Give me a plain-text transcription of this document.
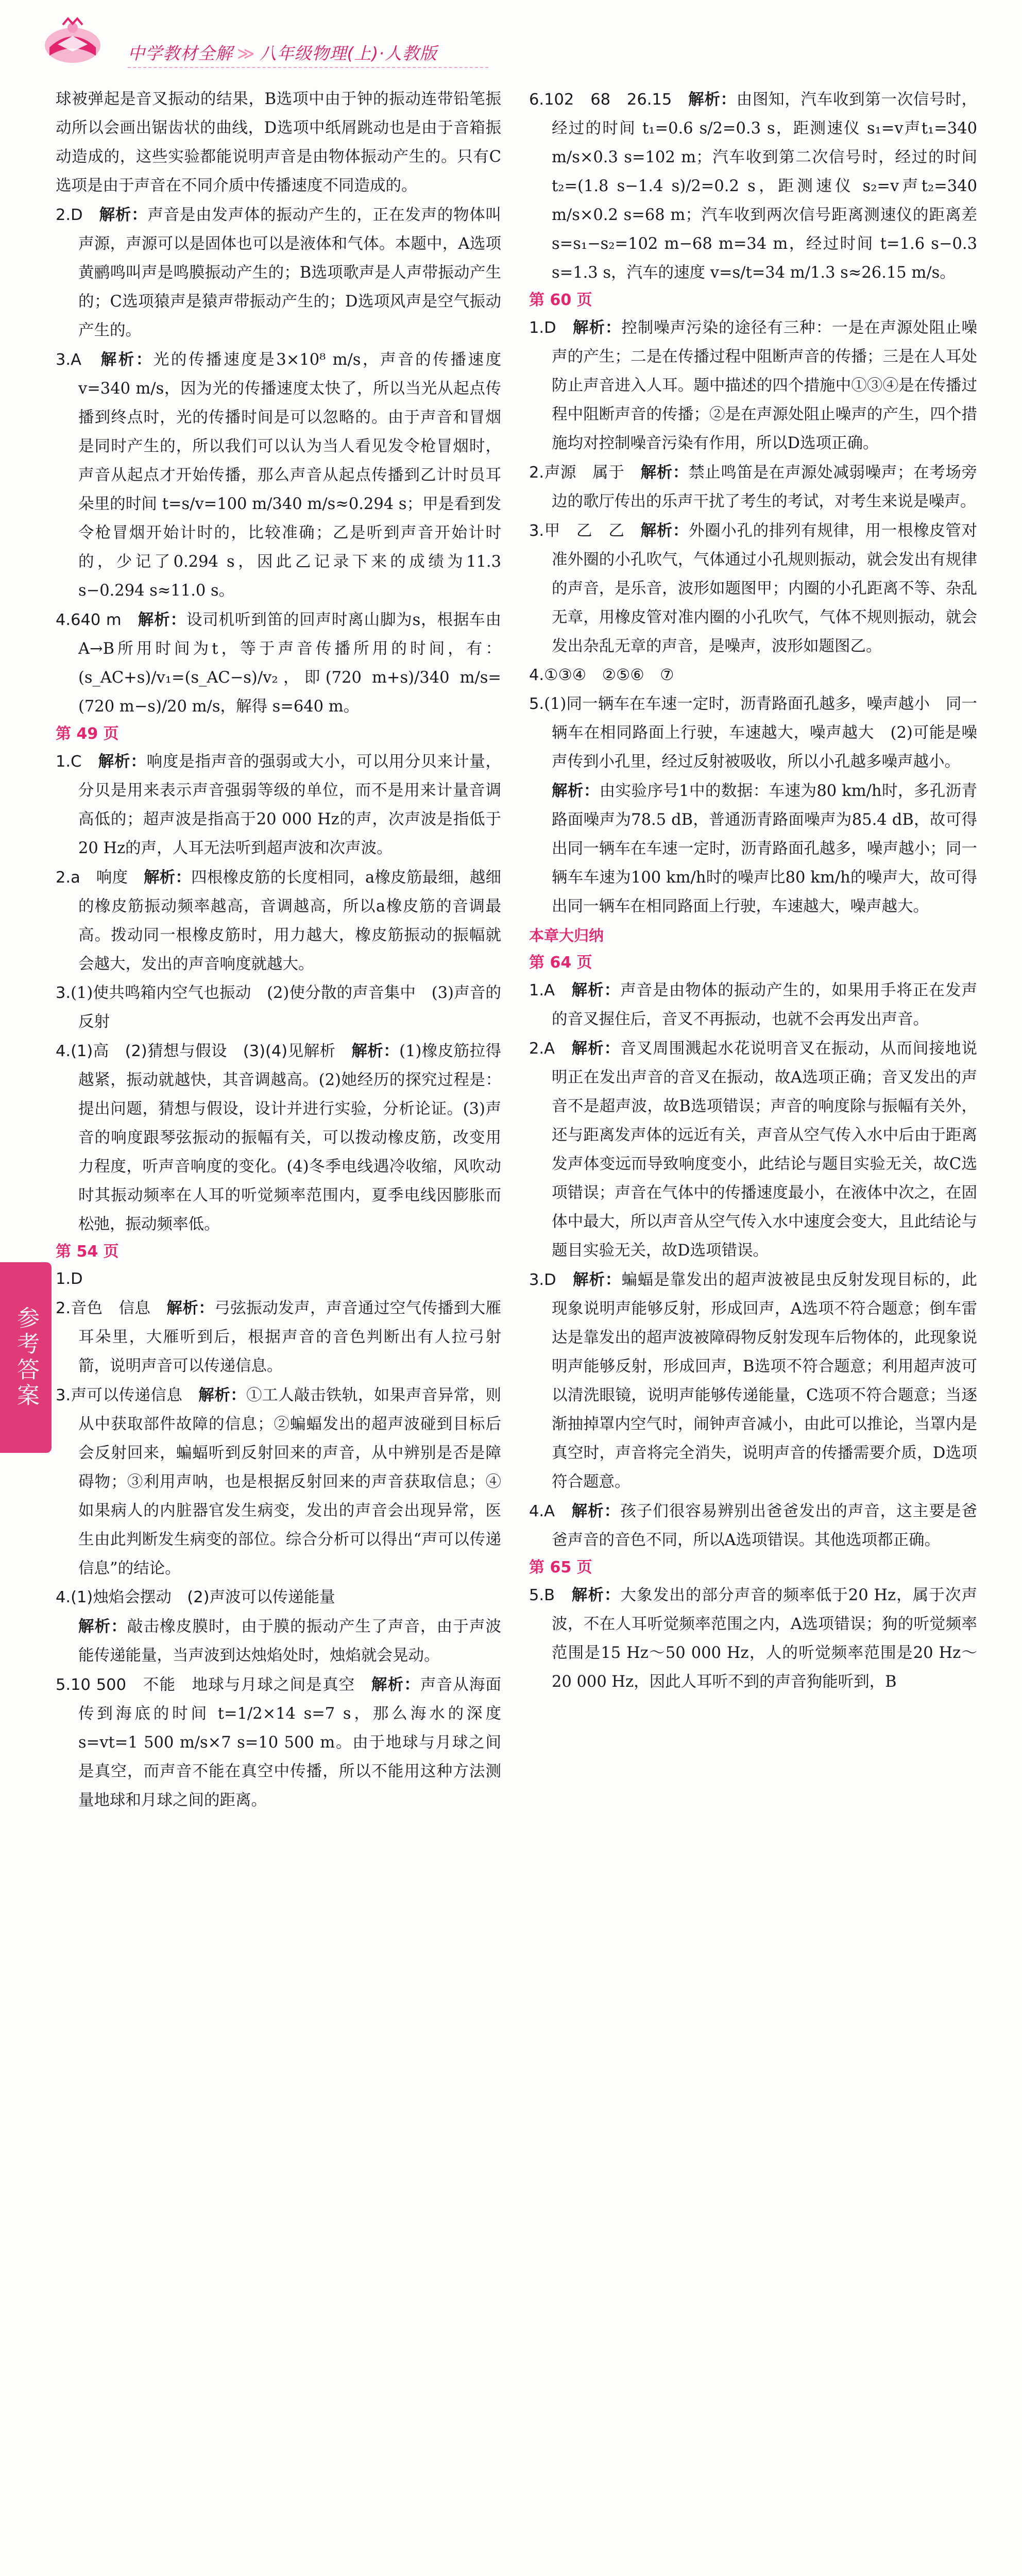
中学教材全解 ≫ 八年级物理(上)·人教版

球被弹起是音叉振动的结果，B选项中由于钟的振动连带铅笔振动所以会画出锯齿状的曲线，D选项中纸屑跳动也是由于音箱振动造成的，这些实验都能说明声音是由物体振动产生的。只有C选项是由于声音在不同介质中传播速度不同造成的。

2.D　 解析：声音是由发声体的振动产生的，正在发声的物体叫声源，声源可以是固体也可以是液体和气体。本题中，A选项黄鹂鸣叫声是鸣膜振动产生的；B选项歌声是人声带振动产生的；C选项猿声是猿声带振动产生的；D选项风声是空气振动产生的。

3.A　 解析：光的传播速度是3×10⁸ m/s，声音的传播速度v=340 m/s，因为光的传播速度太快了，所以当光从起点传播到终点时，光的传播时间是可以忽略的。由于声音和冒烟是同时产生的，所以我们可以认为当人看见发令枪冒烟时，声音从起点才开始传播，那么声音从起点传播到乙计时员耳朵里的时间 t=s/v=100 m/340 m/s≈0.294 s；甲是看到发令枪冒烟开始计时的，比较准确；乙是听到声音开始计时的，少记了0.294 s，因此乙记录下来的成绩为11.3 s−0.294 s≈11.0 s。

4.640 m　 解析：设司机听到笛的回声时离山脚为s，根据车由A→B所用时间为t，等于声音传播所用的时间，有：(s_AC+s)/v₁=(s_AC−s)/v₂，即(720 m+s)/340 m/s=(720 m−s)/20 m/s，解得 s=640 m。

第 49 页

1.C　 解析：响度是指声音的强弱或大小，可以用分贝来计量，分贝是用来表示声音强弱等级的单位，而不是用来计量音调高低的；超声波是指高于20 000 Hz的声，次声波是指低于20 Hz的声，人耳无法听到超声波和次声波。

2.a　响度　 解析：四根橡皮筋的长度相同，a橡皮筋最细，越细的橡皮筋振动频率越高，音调越高，所以a橡皮筋的音调最高。拨动同一根橡皮筋时，用力越大，橡皮筋振动的振幅就会越大，发出的声音响度就越大。

3.(1)使共鸣箱内空气也振动　(2)使分散的声音集中　(3)声音的反射

4.(1)高　(2)猜想与假设　(3)(4)见解析　 解析：(1)橡皮筋拉得越紧，振动就越快，其音调越高。(2)她经历的探究过程是：提出问题，猜想与假设，设计并进行实验，分析论证。(3)声音的响度跟琴弦振动的振幅有关，可以拨动橡皮筋，改变用力程度，听声音响度的变化。(4)冬季电线遇冷收缩，风吹动时其振动频率在人耳的听觉频率范围内，夏季电线因膨胀而松弛，振动频率低。

第 54 页

1.D

2.音色　信息　 解析：弓弦振动发声，声音通过空气传播到大雁耳朵里，大雁听到后，根据声音的音色判断出有人拉弓射箭，说明声音可以传递信息。

3.声可以传递信息　 解析：①工人敲击铁轨，如果声音异常，则从中获取部件故障的信息；②蝙蝠发出的超声波碰到目标后会反射回来，蝙蝠听到反射回来的声音，从中辨别是否是障碍物；③利用声呐，也是根据反射回来的声音获取信息；④如果病人的内脏器官发生病变，发出的声音会出现异常，医生由此判断发生病变的部位。综合分析可以得出“声可以传递信息”的结论。

4.(1)烛焰会摆动　(2)声波可以传递能量

解析：敲击橡皮膜时，由于膜的振动产生了声音，由于声波能传递能量，当声波到达烛焰处时，烛焰就会晃动。

5.10 500　不能　地球与月球之间是真空　 解析：声音从海面传到海底的时间 t=1/2×14 s=7 s，那么海水的深度 s=vt=1 500 m/s×7 s=10 500 m。由于地球与月球之间是真空，而声音不能在真空中传播，所以不能用这种方法测量地球和月球之间的距离。

6.102　68　26.15　 解析：由图知，汽车收到第一次信号时，经过的时间 t₁=0.6 s/2=0.3 s，距测速仪 s₁=v声t₁=340 m/s×0.3 s=102 m；汽车收到第二次信号时，经过的时间 t₂=(1.8 s−1.4 s)/2=0.2 s，距测速仪 s₂=v声t₂=340 m/s×0.2 s=68 m；汽车收到两次信号距离测速仪的距离差 s=s₁−s₂=102 m−68 m=34 m，经过时间 t=1.6 s−0.3 s=1.3 s，汽车的速度 v=s/t=34 m/1.3 s≈26.15 m/s。

第 60 页

1.D　 解析：控制噪声污染的途径有三种：一是在声源处阻止噪声的产生；二是在传播过程中阻断声音的传播；三是在人耳处防止声音进入人耳。题中描述的四个措施中①③④是在传播过程中阻断声音的传播；②是在声源处阻止噪声的产生，四个措施均对控制噪音污染有作用，所以D选项正确。

2.声源　属于　 解析：禁止鸣笛是在声源处减弱噪声；在考场旁边的歌厅传出的乐声干扰了考生的考试，对考生来说是噪声。

3.甲　乙　乙　 解析：外圈小孔的排列有规律，用一根橡皮管对准外圈的小孔吹气，气体通过小孔规则振动，就会发出有规律的声音，是乐音，波形如题图甲；内圈的小孔距离不等、杂乱无章，用橡皮管对准内圈的小孔吹气，气体不规则振动，就会发出杂乱无章的声音，是噪声，波形如题图乙。

4.①③④　②⑤⑥　⑦

5.(1)同一辆车在车速一定时，沥青路面孔越多，噪声越小　同一辆车在相同路面上行驶，车速越大，噪声越大　(2)可能是噪声传到小孔里，经过反射被吸收，所以小孔越多噪声越小。

解析：由实验序号1中的数据：车速为80 km/h时，多孔沥青路面噪声为78.5 dB，普通沥青路面噪声为85.4 dB，故可得出同一辆车在车速一定时，沥青路面孔越多，噪声越小；同一辆车车速为100 km/h时的噪声比80 km/h的噪声大，故可得出同一辆车在相同路面上行驶，车速越大，噪声越大。

本章大归纳

第 64 页

1.A　 解析：声音是由物体的振动产生的，如果用手将正在发声的音叉握住后，音叉不再振动，也就不会再发出声音。

2.A　 解析：音叉周围溅起水花说明音叉在振动，从而间接地说明正在发出声音的音叉在振动，故A选项正确；音叉发出的声音不是超声波，故B选项错误；声音的响度除与振幅有关外，还与距离发声体的远近有关，声音从空气传入水中后由于距离发声体变远而导致响度变小，此结论与题目实验无关，故C选项错误；声音在气体中的传播速度最小，在液体中次之，在固体中最大，所以声音从空气传入水中速度会变大，且此结论与题目实验无关，故D选项错误。

3.D　 解析：蝙蝠是靠发出的超声波被昆虫反射发现目标的，此现象说明声能够反射，形成回声，A选项不符合题意；倒车雷达是靠发出的超声波被障碍物反射发现车后物体的，此现象说明声能够反射，形成回声，B选项不符合题意；利用超声波可以清洗眼镜，说明声能够传递能量，C选项不符合题意；当逐渐抽掉罩内空气时，闹钟声音减小，由此可以推论，当罩内是真空时，声音将完全消失，说明声音的传播需要介质，D选项符合题意。

4.A　 解析：孩子们很容易辨别出爸爸发出的声音，这主要是爸爸声音的音色不同，所以A选项错误。其他选项都正确。

第 65 页

5.B　 解析：大象发出的部分声音的频率低于20 Hz，属于次声波，不在人耳听觉频率范围之内，A选项错误；狗的听觉频率范围是15 Hz～50 000 Hz，人的听觉频率范围是20 Hz～20 000 Hz，因此人耳听不到的声音狗能听到，B

参考答案
